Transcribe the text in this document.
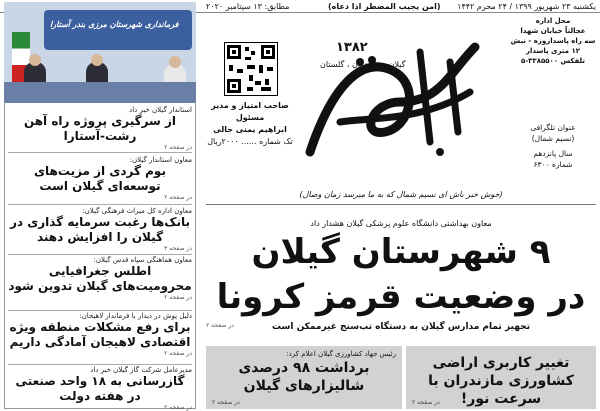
مطابق: ۱۳ سپتامبر ۲۰۲۰	(امن یجیب المضطر اذا دعاه) یکشنبه ۲۳ شهریور ۱۳۹۹ / ۲۴ محرم ۱۴۴۲
فرمانداری شهرستان مرزی بندر آستارا
استاندار گیلان خبر داد
از سرگیری پروژه راه آهن رشت-آستارا
در صفحه ۲
معاون استاندار گیلان:
بوم گردی از مزیت‌های توسعه‌ای گیلان است
در صفحه ۲
معاون اداره کل میراث فرهنگی گیلان:
بانک‌ها رغبت سرمایه گذاری در گیلان را افزایش دهند
در صفحه ۳
معاون هماهنگی سپاه قدس گیلان:
اطلس جغرافیایی محرومیت‌های گیلان تدوین شود
در صفحه ۲
دلیل پوش در دیدار با فرماندار لاهیجان:
برای رفع مشکلات منطقه ویژه اقتصادی لاهیجان آمادگی داریم
در صفحه ۲
مدیرعامل شرکت گاز گیلان خبر داد
گازرسانی به ۱۸ واحد صنعتی در هفته دولت
در صفحه ۲
نسیم شمال
۱۳۸۲
گیلان ، مازندران ، گلستان
صاحب امتیاز و مدیر مسئول
ابراهیم یمنی جالی
تک شماره ...... ۲۰۰۰ریال
محل اداره
عجالتاً خیابان شهدا
سه راه پاسداروزه - نبش ۱۲ متری پاسدار
تلفکس ۳۳۸۵۵۰۰-۵
عنوان تلگرافی
(نسیم شمال)
سال پانزدهم
شماره ۶۳۰۰
(خوش خبر باش ای نسیم شمال که به ما میرسد زمان وصال)
معاون بهداشتی دانشگاه علوم پزشکی گیلان هشدار داد
۹ شهرستان گیلان
در وضعیت قرمز کرونا
در صفحه ۲	تجهیز تمام مدارس گیلان به دستگاه تب‌سنج غیرممکن است
رئیس جهاد کشاورزی گیلان اعلام کرد:
برداشت ۹۸ درصدی شالیزارهای گیلان
در صفحه ۲
تغییر کاربری اراضی کشاورزی مازندران با سرعت نور!
در صفحه ۲
